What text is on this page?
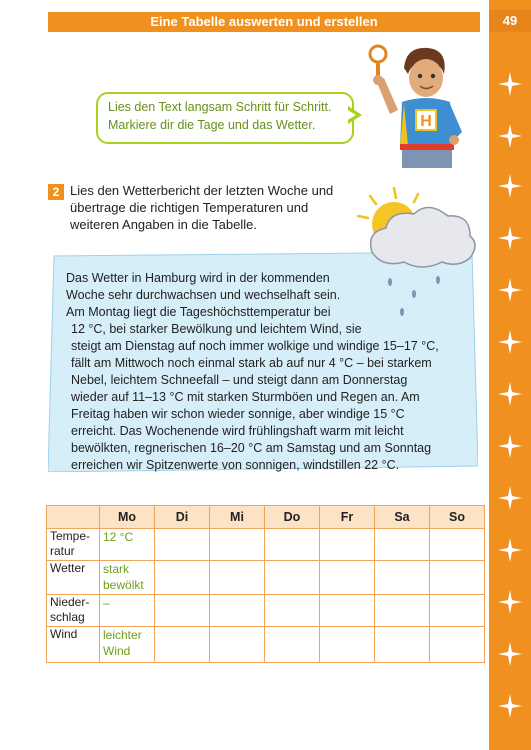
Eine Tabelle auswerten und erstellen	49
Lies den Text langsam Schritt für Schritt.
Markiere dir die Tage und das Wetter.	H
2 Lies den Wetterbericht der letzten Woche und
übertrage die richtigen Temperaturen und
weiteren Angaben in die Tabelle.
Das Wetter in Hamburg wird in der kommenden
Woche sehr durchwachsen und wechselhaft sein.
Am Montag liegt die Tageshöchsttemperatur bei
12 °C, bei starker Bewölkung und leichtem Wind, sie
steigt am Dienstag auf noch immer wolkige und windige 15–17 °C,
fällt am Mittwoch noch einmal stark ab auf nur 4 °C – bei starkem
Nebel, leichtem Schneefall – und steigt dann am Donnerstag
wieder auf 11–13 °C mit starken Sturmböen und Regen an. Am
Freitag haben wir schon wieder sonnige, aber windige 15 °C
erreicht. Das Wochenende wird frühlingshaft warm mit leicht
bewölkten, regnerischen 16–20 °C am Samstag und am Sonntag
erreichen wir Spitzenwerte von sonnigen, windstillen 22 °C.
	Mo	Di	Mi	Do	Fr	Sa	So

Tempe-
ratur	12 °C						

Wetter	stark
bewölkt						

Nieder-
schlag	–						

Wind	leichter
Wind						
